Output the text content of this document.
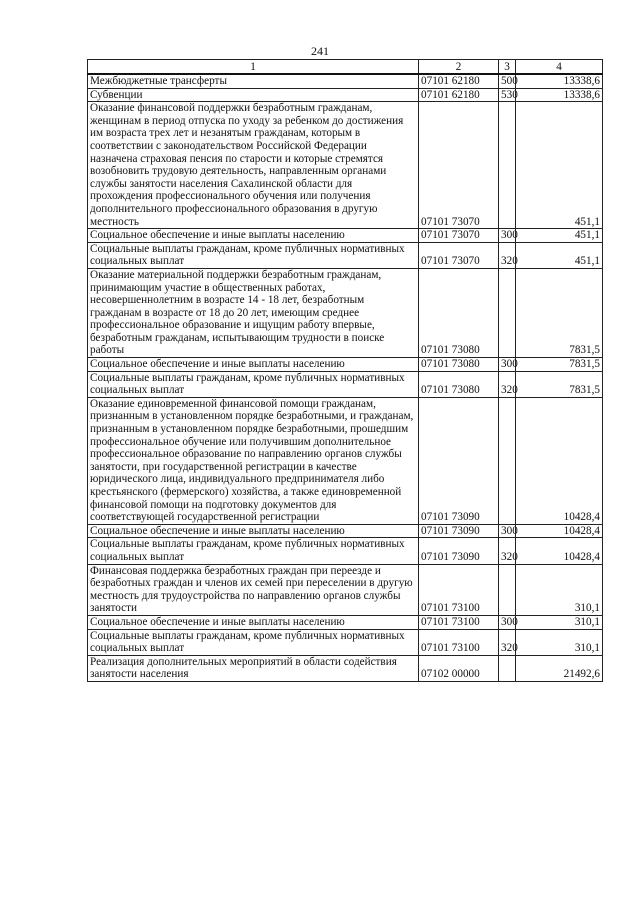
241
1	2	3	4
Межбюджетные трансферты	07101 62180	500	13338,6
Субвенции	07101 62180	530	13338,6
Оказание финансовой поддержки безработным гражданам, женщинам в период отпуска по уходу за ребенком до достижения им возраста трех лет и незанятым гражданам, которым в соответствии с законодательством Российской Федерации назначена страховая пенсия по старости и которые стремятся возобновить трудовую деятельность, направленным органами службы занятости населения Сахалинской области для прохождения профессионального обучения или получения дополнительного профессионального образования в другую местность	07101 73070		451,1
Социальное обеспечение и иные выплаты населению	07101 73070	300	451,1
Социальные выплаты гражданам, кроме публичных нормативных социальных выплат	07101 73070	320	451,1
Оказание материальной поддержки безработным гражданам, принимающим участие в общественных работах, несовершеннолетним в возрасте 14 - 18 лет, безработным гражданам в возрасте от 18 до 20 лет, имеющим среднее профессиональное образование и ищущим работу впервые, безработным гражданам, испытывающим трудности в поиске работы	07101 73080		7831,5
Социальное обеспечение и иные выплаты населению	07101 73080	300	7831,5
Социальные выплаты гражданам, кроме публичных нормативных социальных выплат	07101 73080	320	7831,5
Оказание единовременной финансовой помощи гражданам, признанным в установленном порядке безработными, и гражданам, признанным в установленном порядке безработными, прошедшим профессиональное обучение или получившим дополнительное профессиональное образование по направлению органов службы занятости, при государственной регистрации в качестве юридического лица, индивидуального предпринимателя либо крестьянского (фермерского) хозяйства, а также единовременной финансовой помощи на подготовку документов для соответствующей государственной регистрации	07101 73090		10428,4
Социальное обеспечение и иные выплаты населению	07101 73090	300	10428,4
Социальные выплаты гражданам, кроме публичных нормативных социальных выплат	07101 73090	320	10428,4
Финансовая поддержка безработных граждан при переезде и безработных граждан и членов их семей при переселении в другую местность для трудоустройства по направлению органов службы занятости	07101 73100		310,1
Социальное обеспечение и иные выплаты населению	07101 73100	300	310,1
Социальные выплаты гражданам, кроме публичных нормативных социальных выплат	07101 73100	320	310,1
Реализация дополнительных мероприятий в области содействия занятости населения	07102 00000		21492,6
